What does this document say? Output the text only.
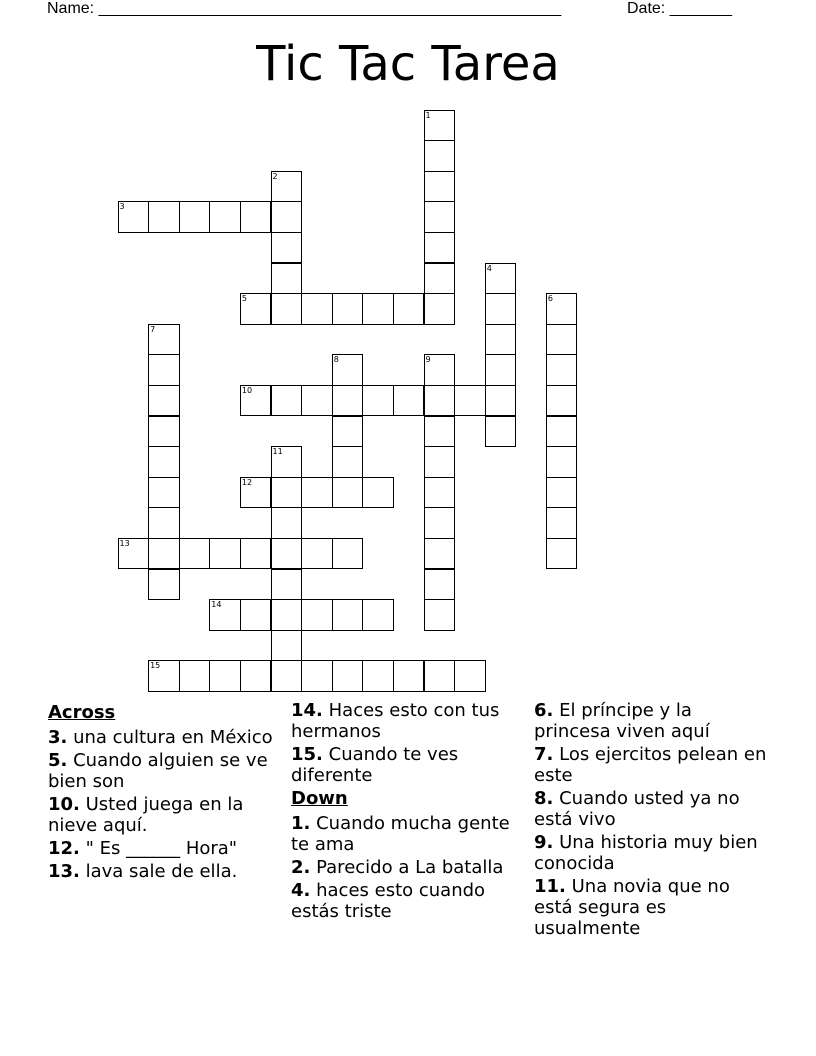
Name: ____________________________________________________	Date: _______
Tic Tac Tarea
1
2
3
4
5	6
7
8	9
10
11
12
13
14
15
Across
3. una cultura en México
5. Cuando alguien se ve bien son
10. Usted juega en la nieve aquí.
12. " Es ______ Hora"
13. lava sale de ella.
14. Haces esto con tus hermanos
15. Cuando te ves diferente
Down
1. Cuando mucha gente te ama
2. Parecido a La batalla
4. haces esto cuando estás triste
6. El príncipe y la princesa viven aquí
7. Los ejercitos pelean en este
8. Cuando usted ya no está vivo
9. Una historia muy bien conocida
11. Una novia que no está segura es usualmente
